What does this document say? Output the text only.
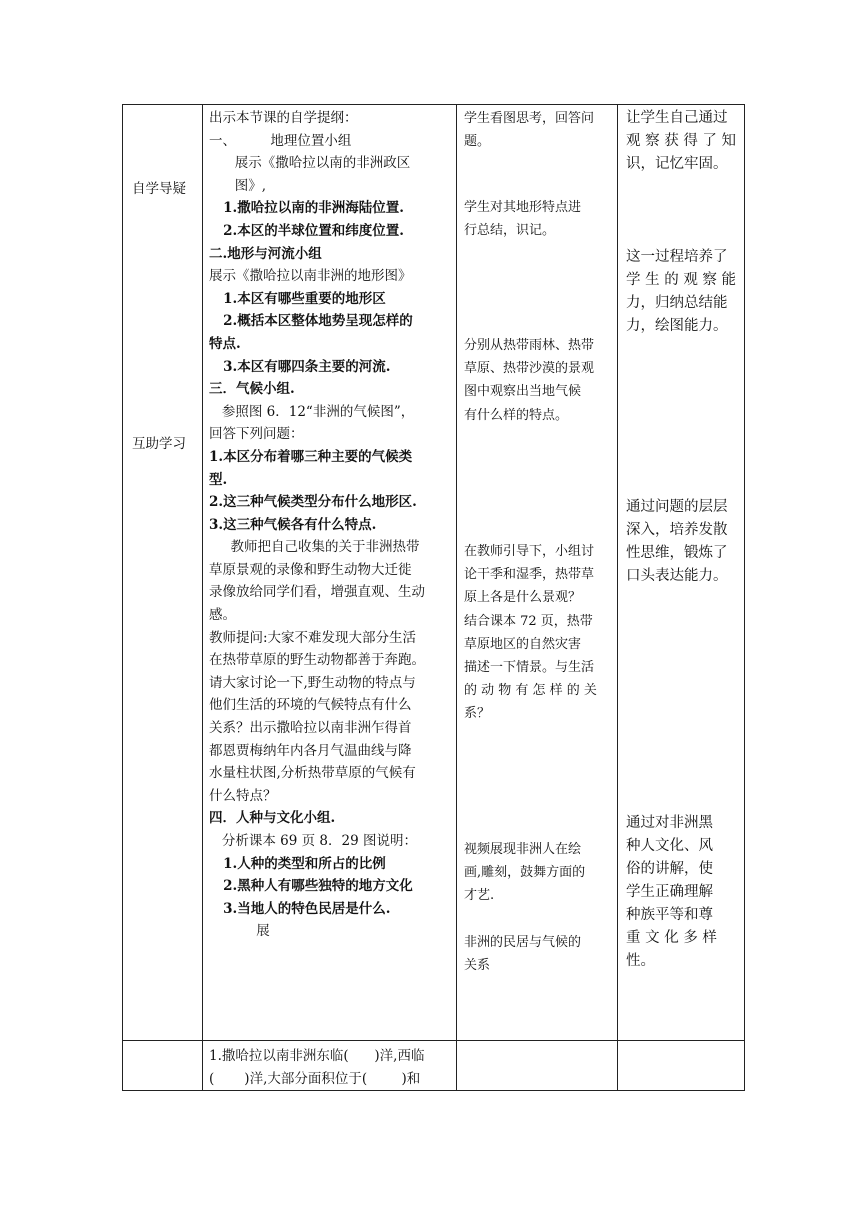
自学导疑
互助学习
出示本节课的自学提纲：
一、        地理位置小组
展示《撒哈拉以南的非洲政区
图》,
1.撒哈拉以南的非洲海陆位置.
2.本区的半球位置和纬度位置.
二.地形与河流小组
展示《撒哈拉以南非洲的地形图》
1.本区有哪些重要的地形区
2.概括本区整体地势呈现怎样的
特点.
3.本区有哪四条主要的河流.
三．气候小组.
参照图 6．12“非洲的气候图”，
回答下列问题：
1.本区分布着哪三种主要的气候类
型.
2.这三种气候类型分布什么地形区.
3.这三种气候各有什么特点.
教师把自己收集的关于非洲热带
草原景观的录像和野生动物大迁徙
录像放给同学们看，增强直观、生动
感。
教师提问:大家不难发现大部分生活
在热带草原的野生动物都善于奔跑。
请大家讨论一下,野生动物的特点与
他们生活的环境的气候特点有什么
关系？出示撒哈拉以南非洲乍得首
都恩贾梅纳年内各月气温曲线与降
水量柱状图,分析热带草原的气候有
什么特点？
四．人种与文化小组.
分析课本 69 页 8．29 图说明：
1.人种的类型和所占的比例
2.黑种人有哪些独特的地方文化
3.当地人的特色民居是什么.
展
学生看图思考，回答问
题。
学生对其地形特点进
行总结，识记。
分别从热带雨林、热带
草原、热带沙漠的景观
图中观察出当地气候
有什么样的特点。
在教师引导下，小组讨
论干季和湿季，热带草
原上各是什么景观？
结合课本 72 页，热带
草原地区的自然灾害
描述一下情景。与生活
的 动 物 有 怎 样 的 关
系？
视频展现非洲人在绘
画,雕刻，鼓舞方面的
才艺.
非洲的民居与气候的
关系
让学生自己通过
观 察 获 得 了 知
识，记忆牢固。
这一过程培养了
学 生 的 观 察 能
力，归纳总结能
力，绘图能力。
通过问题的层层
深入，培养发散
性思维，锻炼了
口头表达能力。
通过对非洲黑
种人文化、风
俗的讲解，使
学生正确理解
种族平等和尊
重 文 化 多 样
性。
1.撒哈拉以南非洲东临(      )洋,西临
(       )洋,大部分面积位于(        )和
